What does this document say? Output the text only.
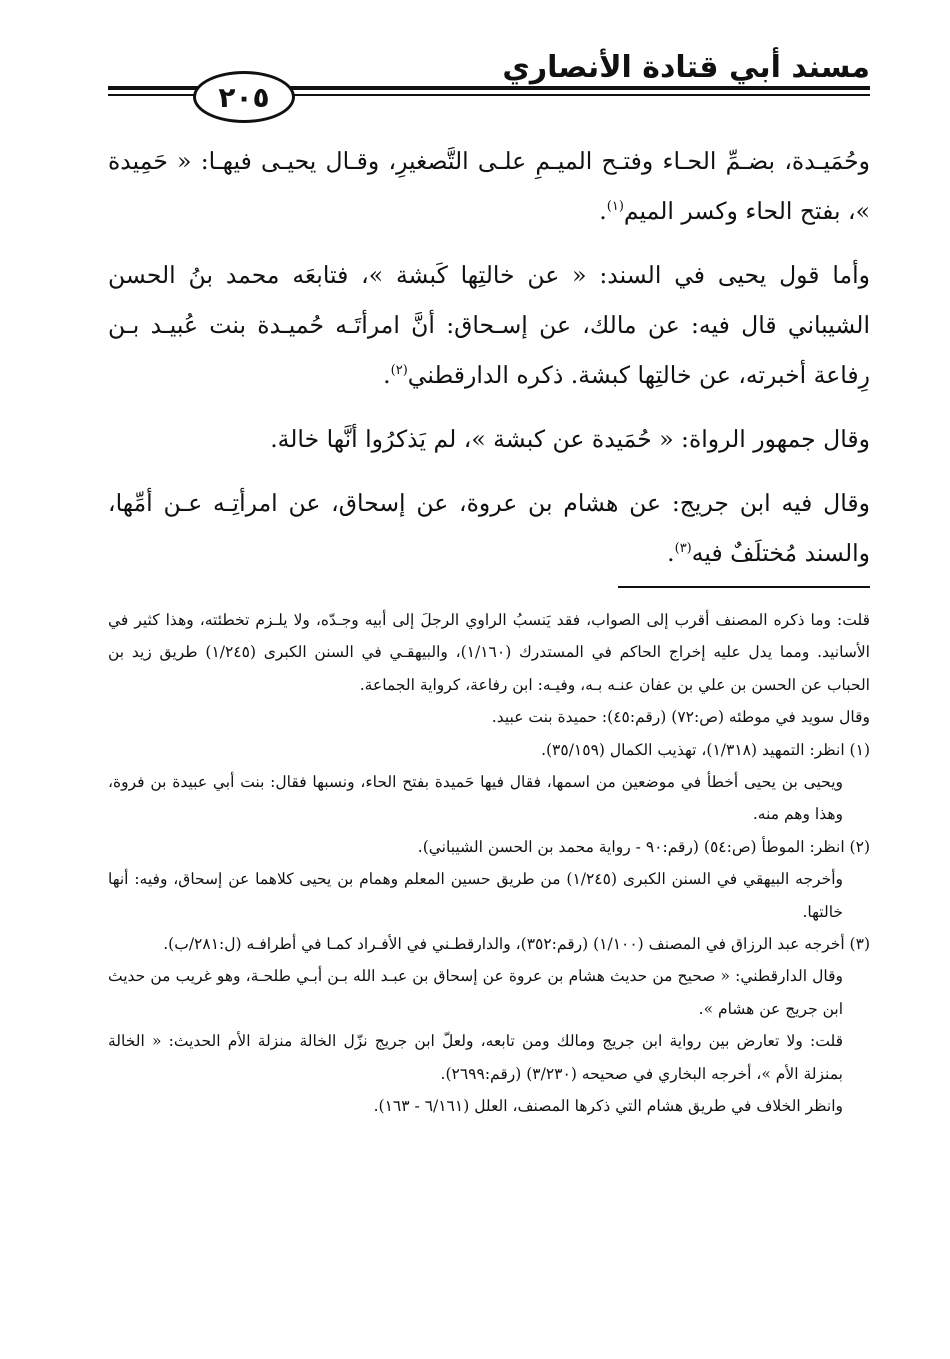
مسند أبي قتادة الأنصاري
٢٠٥

وحُمَيـدة، بضـمِّ الحـاء وفتـح الميـمِ علـى التَّصغيرِ، وقـال يحيـى فيهـا: « حَمِيدة »، بفتح الحاء وكسر الميم$^{(١)}$.

وأما قول يحيى في السند: « عن خالتِها كَبشة »، فتابعَه محمد بنُ الحسن الشيباني قال فيه: عن مالك، عن إسـحاق: أنَّ امرأتَـه حُميـدة بنت عُبيـد بـن رِفاعة أخبرته، عن خالتِها كبشة. ذكره الدارقطني$^{(٢)}$.

وقال جمهور الرواة: « حُمَيدة عن كبشة »، لم يَذكرُوا أنَّها خالة.

وقال فيه ابن جريج: عن هشام بن عروة، عن إسحاق، عن امرأتِـه عـن أمِّها، والسند مُختلَفٌ فيه$^{(٣)}$.

قلت: وما ذكره المصنف أقرب إلى الصواب، فقد يَنسبُ الراوي الرجلَ إلى أبيه وجـدّه، ولا يلـزم تخطئته، وهذا كثير في الأسانيد. ومما يدل عليه إخراج الحاكم في المستدرك (١/١٦٠)، والبيهقـي في السنن الكبرى (١/٢٤٥) طريق زيد بن الحباب عن الحسن بن علي بن عفان عنـه بـه، وفيـه: ابن رفاعة، كرواية الجماعة.

وقال سويد في موطئه (ص:٧٢) (رقم:٤٥): حميدة بنت عبيد.

(١) انظر: التمهيد (١/٣١٨)، تهذيب الكمال (٣٥/١٥٩).

ويحيى بن يحيى أخطأ في موضعين من اسمها، فقال فيها حَميدة بفتح الحاء، ونسبها فقال: بنت أبي عبيدة بن فروة، وهذا وهم منه.

(٢) انظر: الموطأ (ص:٥٤) (رقم:٩٠ - رواية محمد بن الحسن الشيباني).

وأخرجه البيهقي في السنن الكبرى (١/٢٤٥) من طريق حسين المعلم وهمام بن يحيى كلاهما عن إسحاق، وفيه: أنها خالتها.

(٣) أخرجه عبد الرزاق في المصنف (١/١٠٠) (رقم:٣٥٢)، والدارقطـني في الأفـراد كمـا في أطرافـه (ل:٢٨١/ب).

وقال الدارقطني: « صحيح من حديث هشام بن عروة عن إسحاق بن عبـد الله بـن أبـي طلحـة، وهو غريب من حديث ابن جريج عن هشام ».

قلت: ولا تعارض بين رواية ابن جريج ومالك ومن تابعه، ولعلّ ابن جريج نزّل الخالة منزلة الأم الحديث: « الخالة بمنزلة الأم »، أخرجه البخاري في صحيحه (٣/٢٣٠) (رقم:٢٦٩٩).

وانظر الخلاف في طريق هشام التي ذكرها المصنف، العلل (٦/١٦١ - ١٦٣).
